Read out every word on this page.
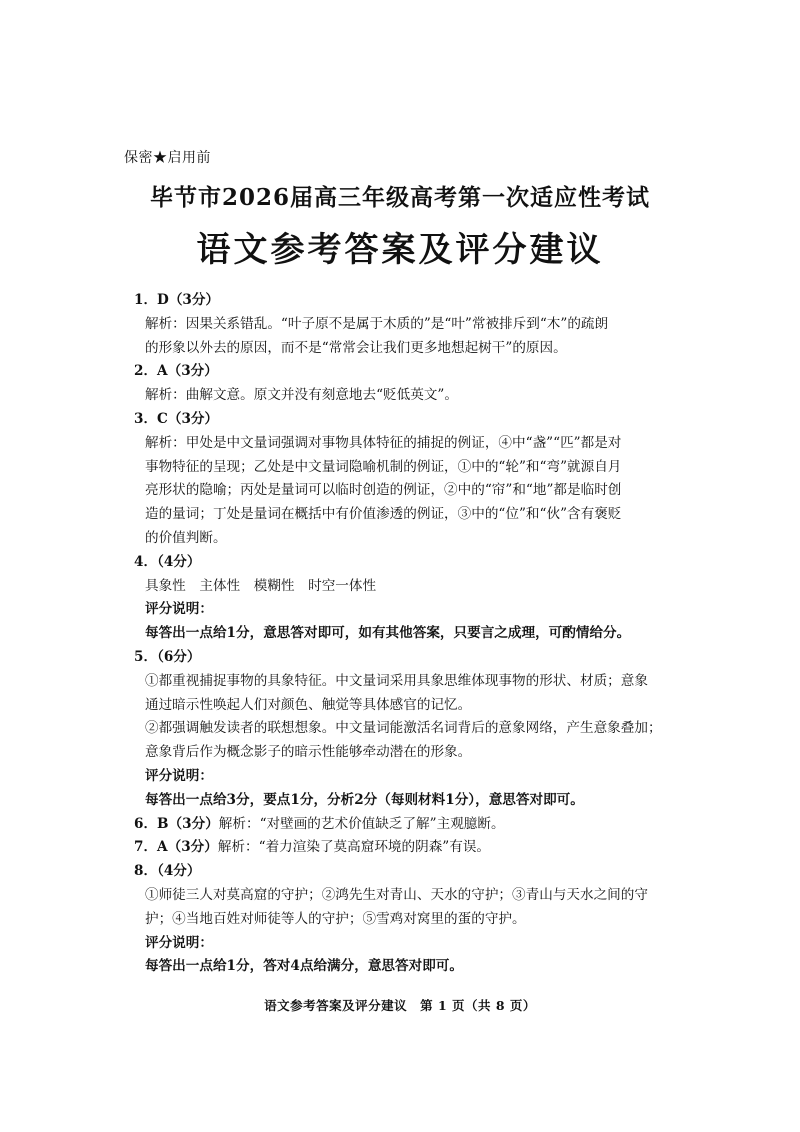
保密★启用前
毕节市2026届高三年级高考第一次适应性考试
语文参考答案及评分建议
1．D（3分）
解析：因果关系错乱。“叶子原不是属于木质的”是“叶”常被排斥到“木”的疏朗
的形象以外去的原因，而不是“常常会让我们更多地想起树干”的原因。
2．A（3分）
解析：曲解文意。原文并没有刻意地去“贬低英文”。
3．C（3分）
解析：甲处是中文量词强调对事物具体特征的捕捉的例证，④中“盏”“匹”都是对
事物特征的呈现；乙处是中文量词隐喻机制的例证，①中的“轮”和“弯”就源自月
亮形状的隐喻；丙处是量词可以临时创造的例证，②中的“帘”和“地”都是临时创
造的量词；丁处是量词在概括中有价值渗透的例证，③中的“位”和“伙”含有褒贬
的价值判断。
4．（4分）
具象性　主体性　模糊性　时空一体性
评分说明：
每答出一点给1分，意思答对即可，如有其他答案，只要言之成理，可酌情给分。
5．（6分）
①都重视捕捉事物的具象特征。中文量词采用具象思维体现事物的形状、材质；意象
通过暗示性唤起人们对颜色、触觉等具体感官的记忆。
②都强调触发读者的联想想象。中文量词能激活名词背后的意象网络，产生意象叠加；
意象背后作为概念影子的暗示性能够牵动潜在的形象。
评分说明：
每答出一点给3分，要点1分，分析2分（每则材料1分），意思答对即可。
6．B（3分）解析：“对壁画的艺术价值缺乏了解”主观臆断。
7．A（3分）解析：“着力渲染了莫高窟环境的阴森”有误。
8．（4分）
①师徒三人对莫高窟的守护；②鸿先生对青山、天水的守护；③青山与天水之间的守
护；④当地百姓对师徒等人的守护；⑤雪鸡对窝里的蛋的守护。
评分说明：
每答出一点给1分，答对4点给满分，意思答对即可。
语文参考答案及评分建议　第 1 页（共 8 页）
